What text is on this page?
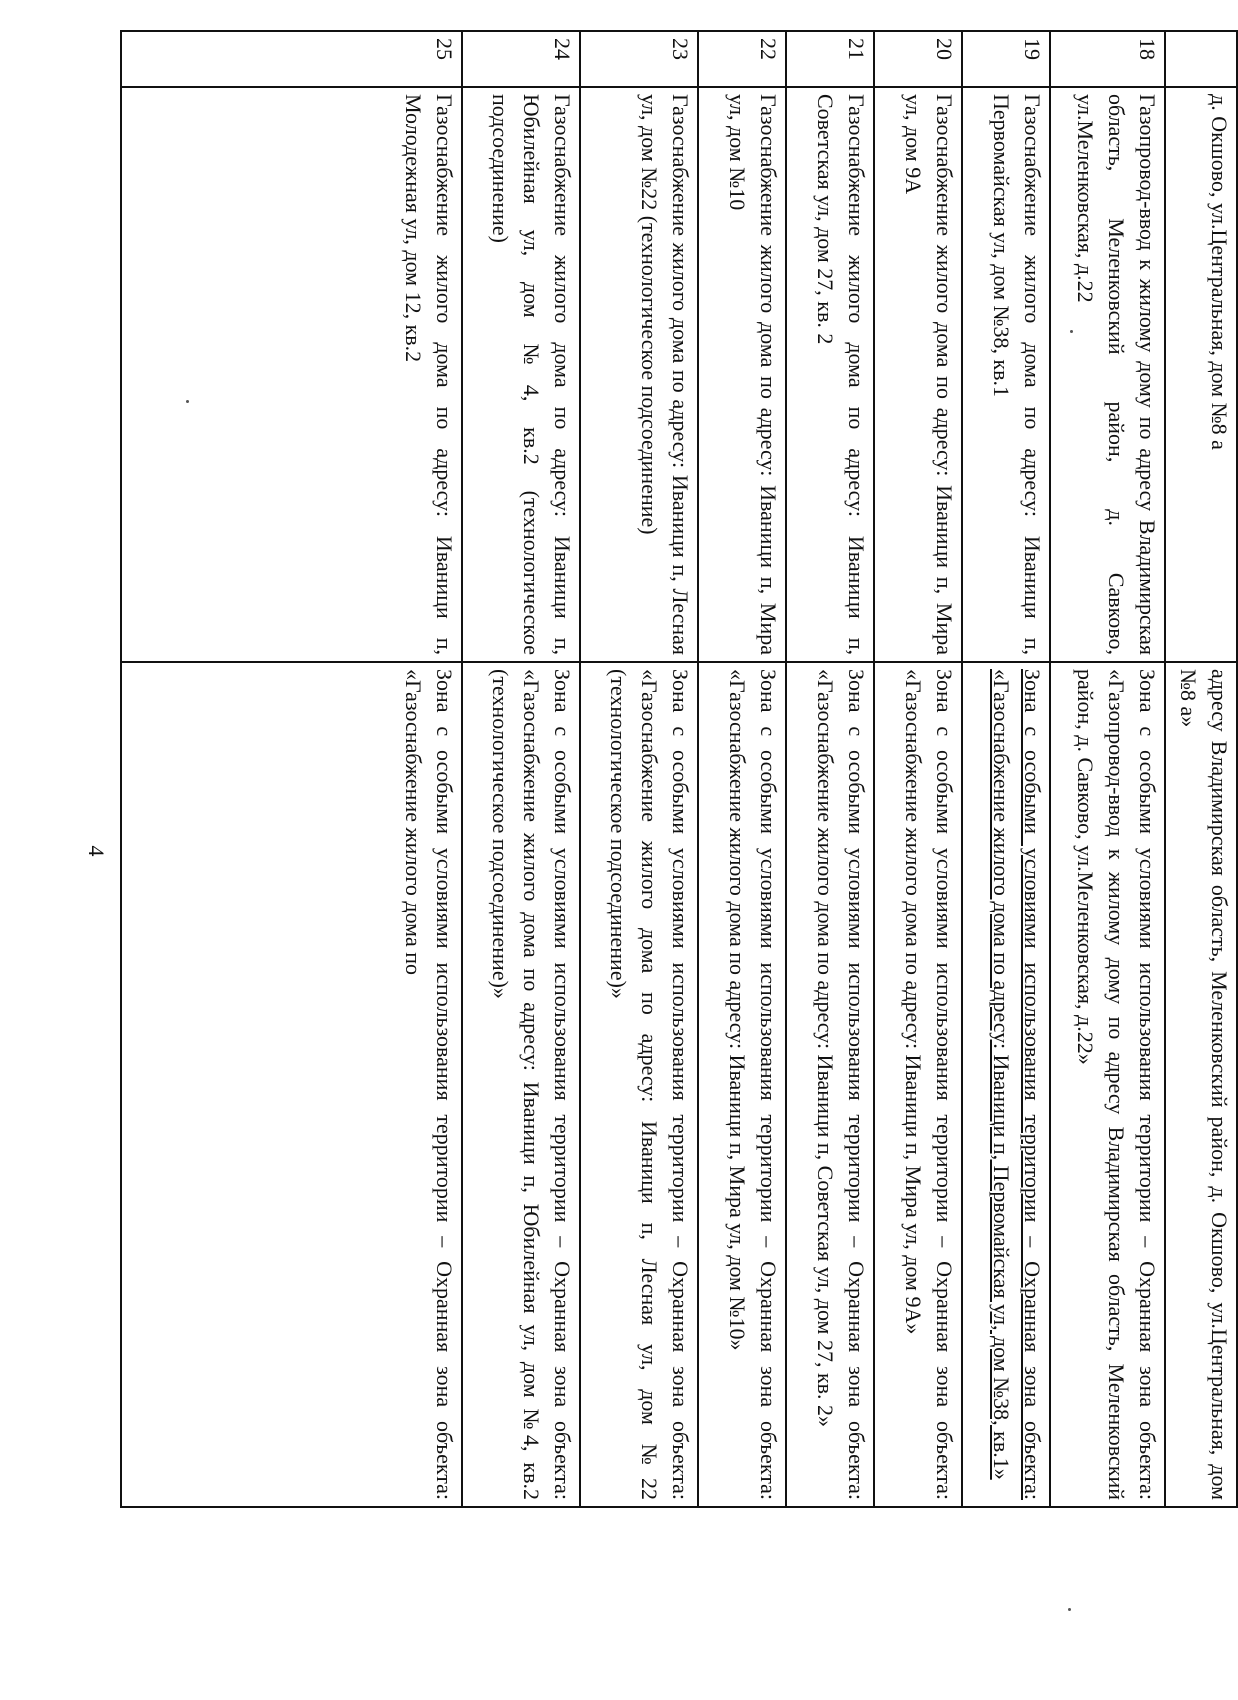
4
	д. Окшово, ул.Центральная, дом №8 а	адресу Владимирская область, Меленковский район, д. Окшово, ул.Центральная, дом №8 а»
18	Газопровод-ввод к жилому дому по адресу Владимирская область, Меленковский район, д. Савково, ул.Меленковская, д.22	Зона с особыми условиями использования территории – Охранная зона объекта: «Газопровод-ввод к жилому дому по адресу Владимирская область, Меленковский район, д. Савково, ул.Меленковская, д.22»
19	Газоснабжение жилого дома по адресу: Иваници п, Первомайская ул, дом №38, кв.1	Зона с особыми условиями использования территории – Охранная зона объекта: «Газоснабжение жилого дома по адресу: Иваници п, Первомайская ул, дом №38, кв.1»
20	Газоснабжение жилого дома по адресу: Иваници п, Мира ул, дом 9А	Зона с особыми условиями использования территории – Охранная зона объекта: «Газоснабжение жилого дома по адресу: Иваници п, Мира ул, дом 9А»
21	Газоснабжение жилого дома по адресу: Иваници п, Советская ул, дом 27, кв. 2	Зона с особыми условиями использования территории – Охранная зона объекта: «Газоснабжение жилого дома по адресу: Иваници п, Советская ул, дом 27, кв. 2»
22	Газоснабжение жилого дома по адресу: Иваници п, Мира ул, дом №10	Зона с особыми условиями использования территории – Охранная зона объекта: «Газоснабжение жилого дома по адресу: Иваници п, Мира ул, дом №10»
23	Газоснабжение жилого дома по адресу: Иваници п, Лесная ул, дом №22 (технологическое подсоединение)	Зона с особыми условиями использования территории – Охранная зона объекта: «Газоснабжение жилого дома по адресу: Иваници п, Лесная ул, дом №22 (технологическое подсоединение)»
24	Газоснабжение жилого дома по адресу: Иваници п, Юбилейная ул, дом №4, кв.2 (технологическое подсоединение)	Зона с особыми условиями использования территории – Охранная зона объекта: «Газоснабжение жилого дома по адресу: Иваници п, Юбилейная ул, дом №4, кв.2 (технологическое подсоединение)»
25	Газоснабжение жилого дома по адресу: Иваници п, Молодежная ул, дом 12, кв.2	Зона с особыми условиями использования территории – Охранная зона объекта: «Газоснабжение жилого дома по
